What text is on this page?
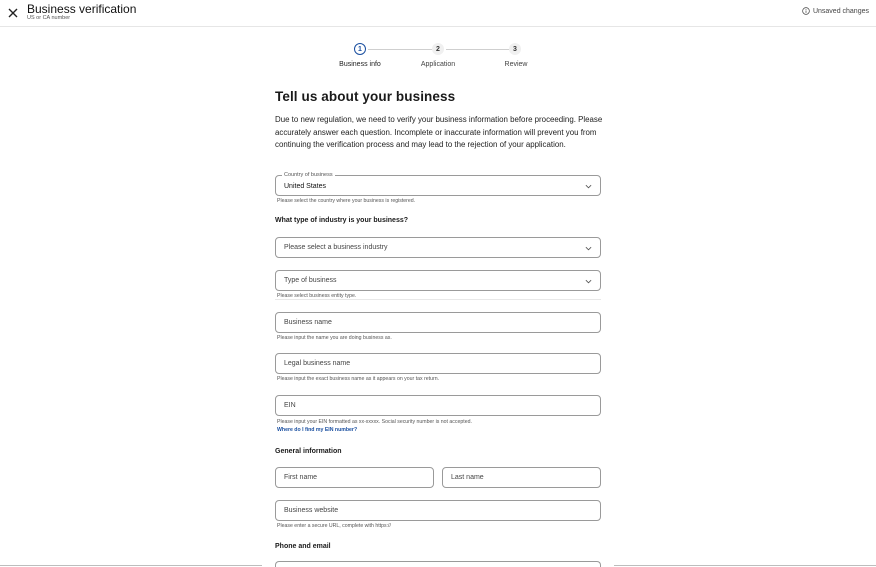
Business verification
US or CA number
Unsaved changes
1	2	3
Business info	Application	Review
Tell us about your business
Due to new regulation, we need to verify your business information before proceeding. Please accurately answer each question. Incomplete or inaccurate information will prevent you from continuing the verification process and may lead to the rejection of your application.
Country of business
United States
Please select the country where your business is registered.
What type of industry is your business?
Please select a business industry
Type of business
Please select business entity type.
Business name
Please input the name you are doing business as.
Legal business name
Please input the exact business name as it appears on your tax return.
EIN
Please input your EIN formatted as xx-xxxxx. Social security number is not accepted.
Where do I find my EIN number?
General information
First name	Last name
Business website
Please enter a secure URL, complete with https://
Phone and email
